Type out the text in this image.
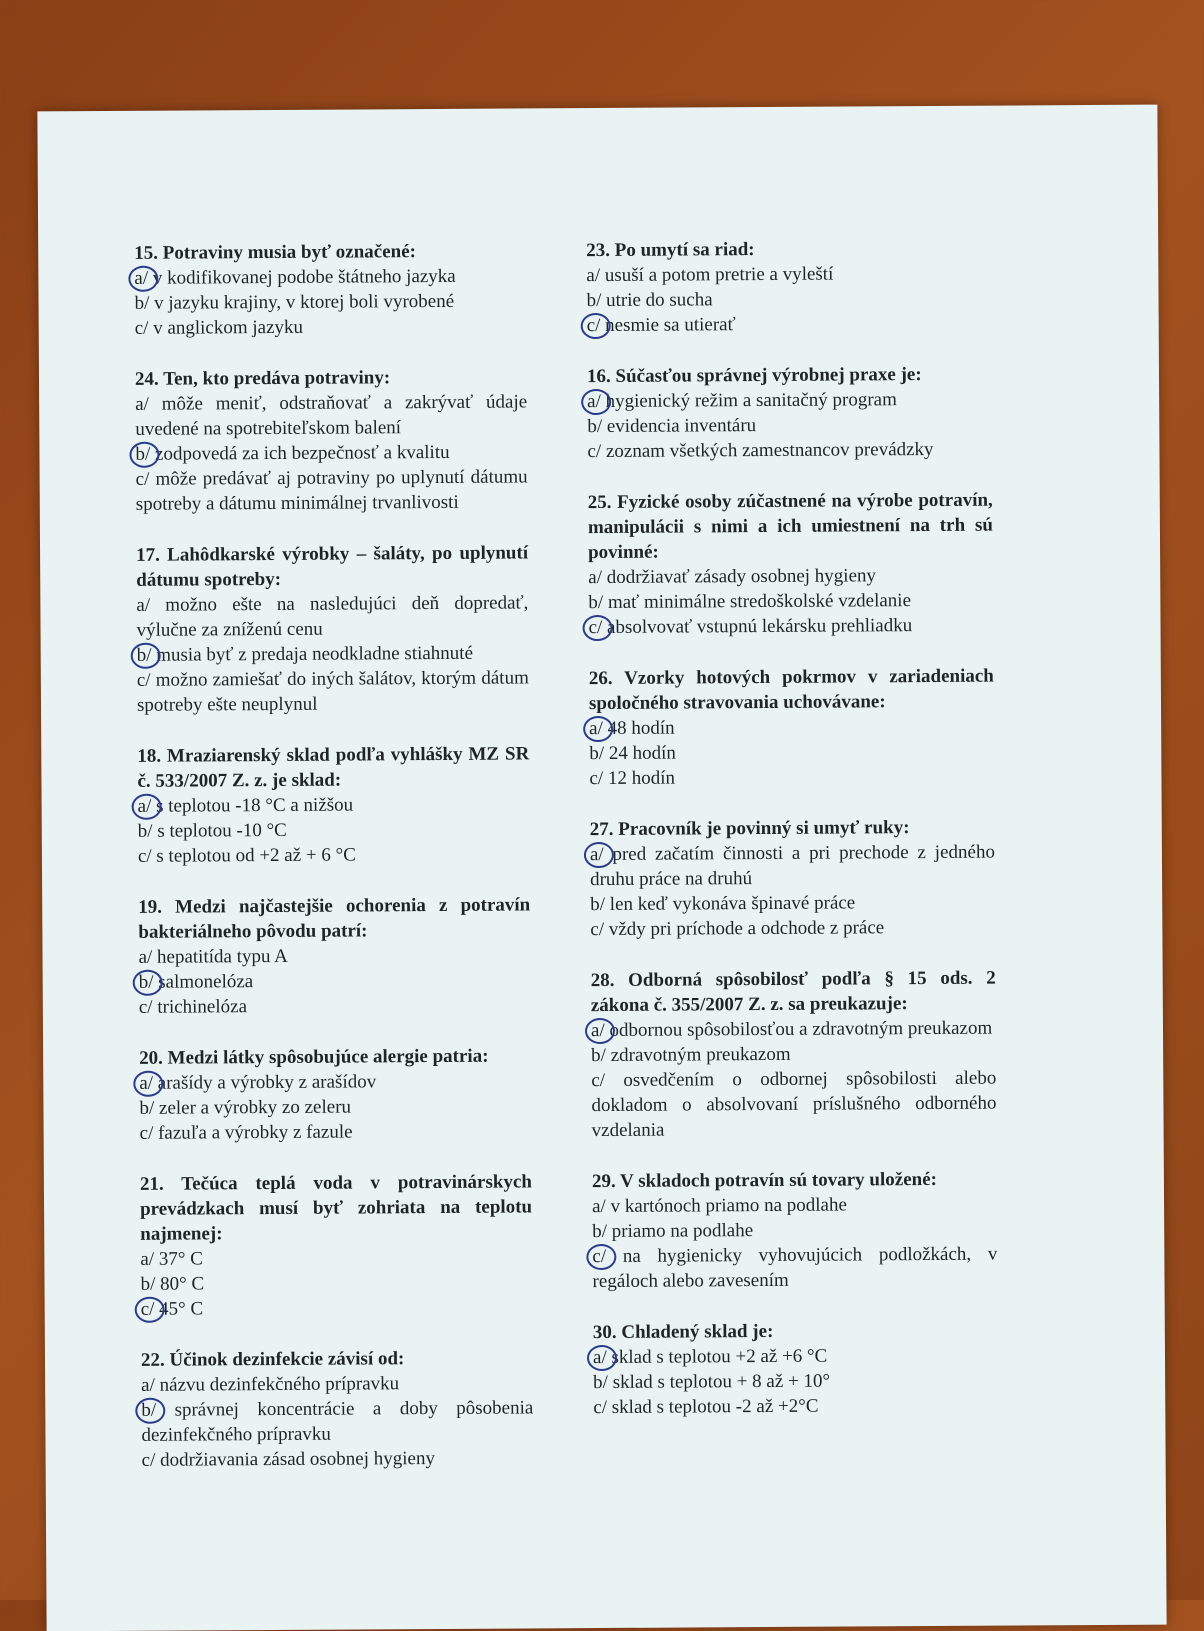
15. Potraviny musia byť označené:
a/ v kodifikovanej podobe štátneho jazyka
b/ v jazyku krajiny, v ktorej boli vyrobené
c/ v anglickom jazyku
24. Ten, kto predáva potraviny:
a/ môže meniť, odstraňovať a zakrývať údaje uvedené na spotrebiteľskom balení
b/ zodpovedá za ich bezpečnosť a kvalitu
c/ môže predávať aj potraviny po uplynutí dátumu spotreby a dátumu minimálnej trvanlivosti
17. Lahôdkarské výrobky – šaláty, po uplynutí dátumu spotreby:
a/ možno ešte na nasledujúci deň dopredať, výlučne za zníženú cenu
b/ musia byť z predaja neodkladne stiahnuté
c/ možno zamiešať do iných šalátov, ktorým dátum spotreby ešte neuplynul
18. Mraziarenský sklad podľa vyhlášky MZ SR č. 533/2007 Z. z. je sklad:
a/ s teplotou -18 °C a nižšou
b/ s teplotou -10 °C
c/ s teplotou od +2 až + 6 °C
19. Medzi najčastejšie ochorenia z potravín bakteriálneho pôvodu patrí:
a/ hepatitída typu A
b/ salmonelóza
c/ trichinelóza
20. Medzi látky spôsobujúce alergie patria:
a/ arašídy a výrobky z arašídov
b/ zeler a výrobky zo zeleru
c/ fazuľa a výrobky z fazule
21. Tečúca teplá voda v potravinárskych prevádzkach musí byť zohriata na teplotu najmenej:
a/ 37° C
b/ 80° C
c/ 45° C
22. Účinok dezinfekcie závisí od:
a/ názvu dezinfekčného prípravku
b/ správnej koncentrácie a doby pôsobenia dezinfekčného prípravku
c/ dodržiavania zásad osobnej hygieny
23. Po umytí sa riad:
a/ usuší a potom pretrie a vyleští
b/ utrie do sucha
c/ nesmie sa utierať
16. Súčasťou správnej výrobnej praxe je:
a/ hygienický režim a sanitačný program
b/ evidencia inventáru
c/ zoznam všetkých zamestnancov prevádzky
25. Fyzické osoby zúčastnené na výrobe potravín, manipulácii s nimi a ich umiestnení na trh sú povinné:
a/ dodržiavať zásady osobnej hygieny
b/ mať minimálne stredoškolské vzdelanie
c/ absolvovať vstupnú lekársku prehliadku
26. Vzorky hotových pokrmov v zariadeniach spoločného stravovania uchovávane:
a/ 48 hodín
b/ 24 hodín
c/ 12 hodín
27. Pracovník je povinný si umyť ruky:
a/ pred začatím činnosti a pri prechode z jedného druhu práce na druhú
b/ len keď vykonáva špinavé práce
c/ vždy pri príchode a odchode z práce
28. Odborná spôsobilosť podľa § 15 ods. 2 zákona č. 355/2007 Z. z. sa preukazuje:
a/ odbornou spôsobilosťou a zdravotným preukazom
b/ zdravotným preukazom
c/ osvedčením o odbornej spôsobilosti alebo dokladom o absolvovaní príslušného odborného vzdelania
29. V skladoch potravín sú tovary uložené:
a/ v kartónoch priamo na podlahe
b/ priamo na podlahe
c/ na hygienicky vyhovujúcich podložkách, v regáloch alebo zavesením
30. Chladený sklad je:
a/ sklad s teplotou +2 až +6 °C
b/ sklad s teplotou + 8 až + 10°
c/ sklad s teplotou -2 až +2°C
